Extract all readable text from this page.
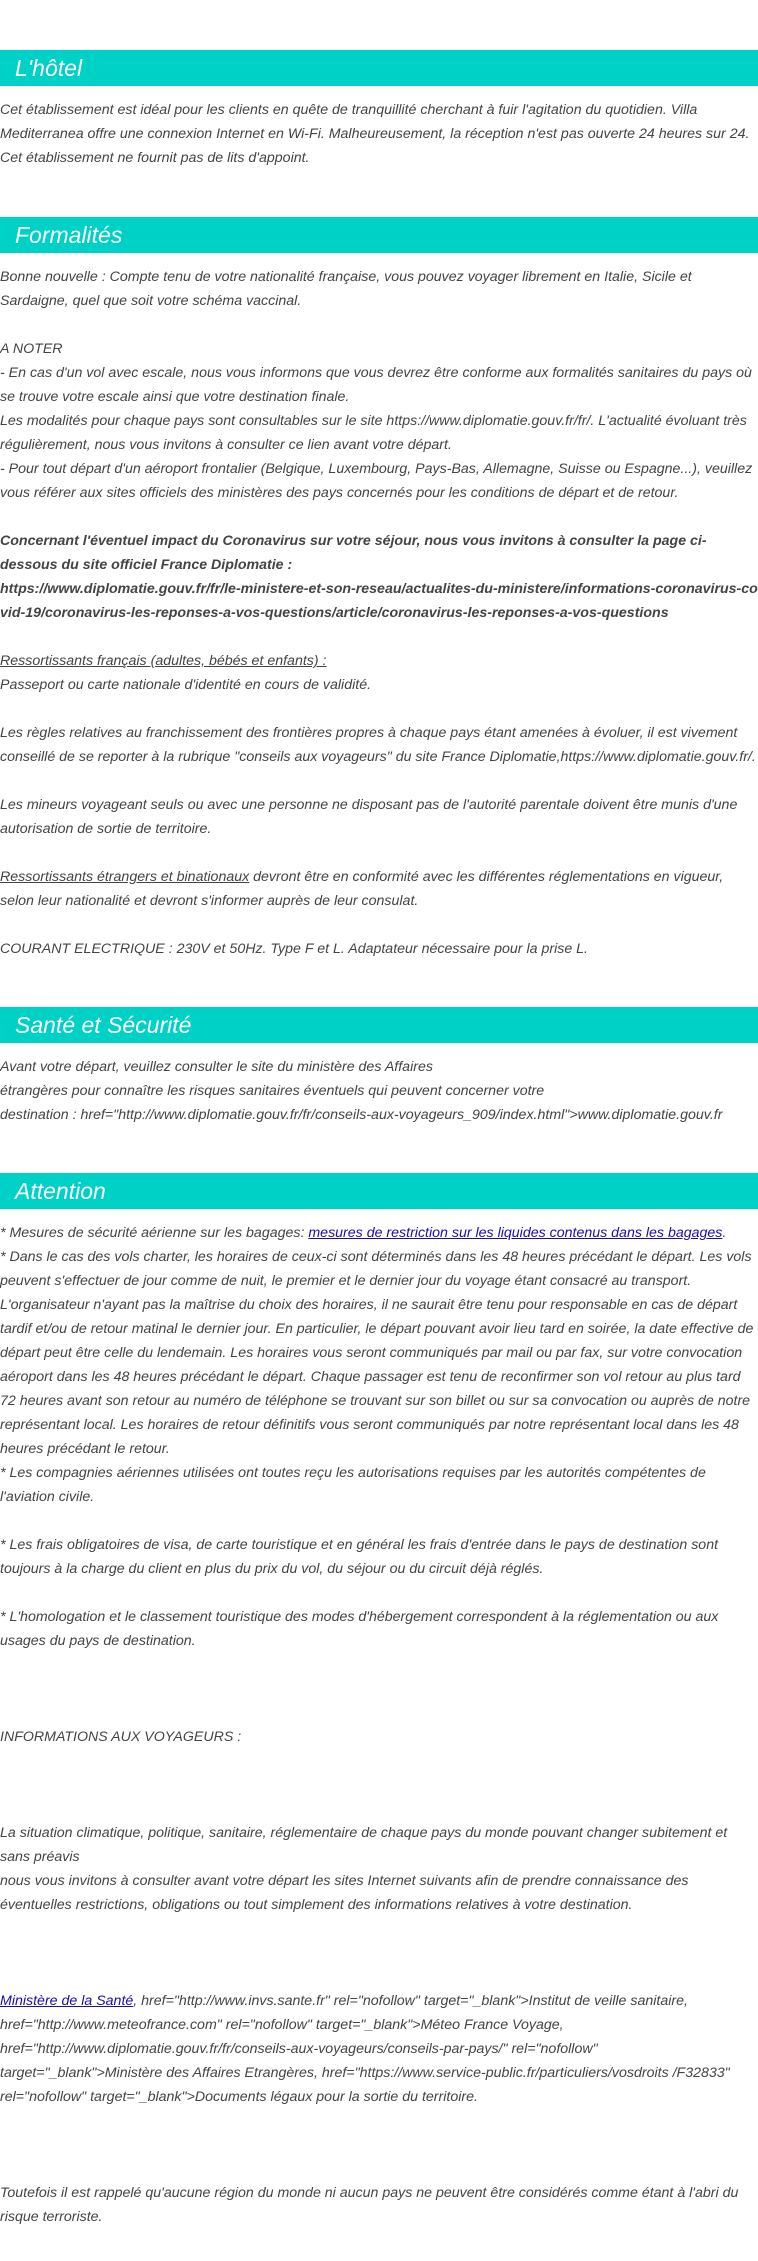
L'hôtel

Cet établissement est idéal pour les clients en quête de tranquillité cherchant à fuir l'agitation du quotidien. Villa Mediterranea offre une connexion Internet en Wi-Fi. Malheureusement, la réception n'est pas ouverte 24 heures sur 24. Cet établissement ne fournit pas de lits d'appoint.

Formalités

Bonne nouvelle : Compte tenu de votre nationalité française, vous pouvez voyager librement en Italie, Sicile et Sardaigne, quel que soit votre schéma vaccinal.

A NOTER

- En cas d'un vol avec escale, nous vous informons que vous devrez être conforme aux formalités sanitaires du pays où se trouve votre escale ainsi que votre destination finale.

Les modalités pour chaque pays sont consultables sur le site https://www.diplomatie.gouv.fr/fr/. L'actualité évoluant très régulièrement, nous vous invitons à consulter ce lien avant votre départ.

- Pour tout départ d'un aéroport frontalier (Belgique, Luxembourg, Pays-Bas, Allemagne, Suisse ou Espagne...), veuillez vous référer aux sites officiels des ministères des pays concernés pour les conditions de départ et de retour.

Concernant l'éventuel impact du Coronavirus sur votre séjour, nous vous invitons à consulter la page ci-dessous du site officiel France Diplomatie :

https://www.diplomatie.gouv.fr/fr/le-ministere-et-son-reseau/actualites-du-ministere/informations-coronavirus-covid-19/coronavirus-les-reponses-a-vos-questions/article/coronavirus-les-reponses-a-vos-questions

Ressortissants français (adultes, bébés et enfants) :

Passeport ou carte nationale d'identité en cours de validité.

Les règles relatives au franchissement des frontières propres à chaque pays étant amenées à évoluer, il est vivement conseillé de se reporter à la rubrique "conseils aux voyageurs" du site France Diplomatie,https://www.diplomatie.gouv.fr/.

Les mineurs voyageant seuls ou avec une personne ne disposant pas de l'autorité parentale doivent être munis d'une autorisation de sortie de territoire.

Ressortissants étrangers et binationaux devront être en conformité avec les différentes réglementations en vigueur, selon leur nationalité et devront s'informer auprès de leur consulat.

COURANT ELECTRIQUE : 230V et 50Hz. Type F et L. Adaptateur nécessaire pour la prise L.

Santé et Sécurité

Avant votre départ, veuillez consulter le site du ministère des Affaires

étrangères pour connaître les risques sanitaires éventuels qui peuvent concerner votre

destination : href="http://www.diplomatie.gouv.fr/fr/conseils-aux-voyageurs_909/index.html">www.diplomatie.gouv.fr

Attention

* Mesures de sécurité aérienne sur les bagages: mesures de restriction sur les liquides contenus dans les bagages.

* Dans le cas des vols charter, les horaires de ceux-ci sont déterminés dans les 48 heures précédant le départ. Les vols peuvent s'effectuer de jour comme de nuit, le premier et le dernier jour du voyage étant consacré au transport. L'organisateur n'ayant pas la maîtrise du choix des horaires, il ne saurait être tenu pour responsable en cas de départ tardif et/ou de retour matinal le dernier jour. En particulier, le départ pouvant avoir lieu tard en soirée, la date effective de départ peut être celle du lendemain. Les horaires vous seront communiqués par mail ou par fax, sur votre convocation aéroport dans les 48 heures précédant le départ. Chaque passager est tenu de reconfirmer son vol retour au plus tard 72 heures avant son retour au numéro de téléphone se trouvant sur son billet ou sur sa convocation ou auprès de notre représentant local. Les horaires de retour définitifs vous seront communiqués par notre représentant local dans les 48 heures précédant le retour.

* Les compagnies aériennes utilisées ont toutes reçu les autorisations requises par les autorités compétentes de l'aviation civile.

* Les frais obligatoires de visa, de carte touristique et en général les frais d'entrée dans le pays de destination sont toujours à la charge du client en plus du prix du vol, du séjour ou du circuit déjà réglés.

* L'homologation et le classement touristique des modes d'hébergement correspondent à la réglementation ou aux usages du pays de destination.

INFORMATIONS AUX VOYAGEURS :

La situation climatique, politique, sanitaire, réglementaire de chaque pays du monde pouvant changer subitement et sans préavis

nous vous invitons à consulter avant votre départ les sites Internet suivants afin de prendre connaissance des éventuelles restrictions, obligations ou tout simplement des informations relatives à votre destination.

Ministère de la Santé, href="http://www.invs.sante.fr" rel="nofollow" target="_blank">Institut de veille sanitaire, href="http://www.meteofrance.com" rel="nofollow" target="_blank">Méteo France Voyage, href="http://www.diplomatie.gouv.fr/fr/conseils-aux-voyageurs/conseils-par-pays/" rel="nofollow" target="_blank">Ministère des Affaires Etrangères, href="https://www.service-public.fr/particuliers/vosdroits /F32833" rel="nofollow" target="_blank">Documents légaux pour la sortie du territoire.

Toutefois il est rappelé qu'aucune région du monde ni aucun pays ne peuvent être considérés comme étant à l'abri du risque terroriste.
